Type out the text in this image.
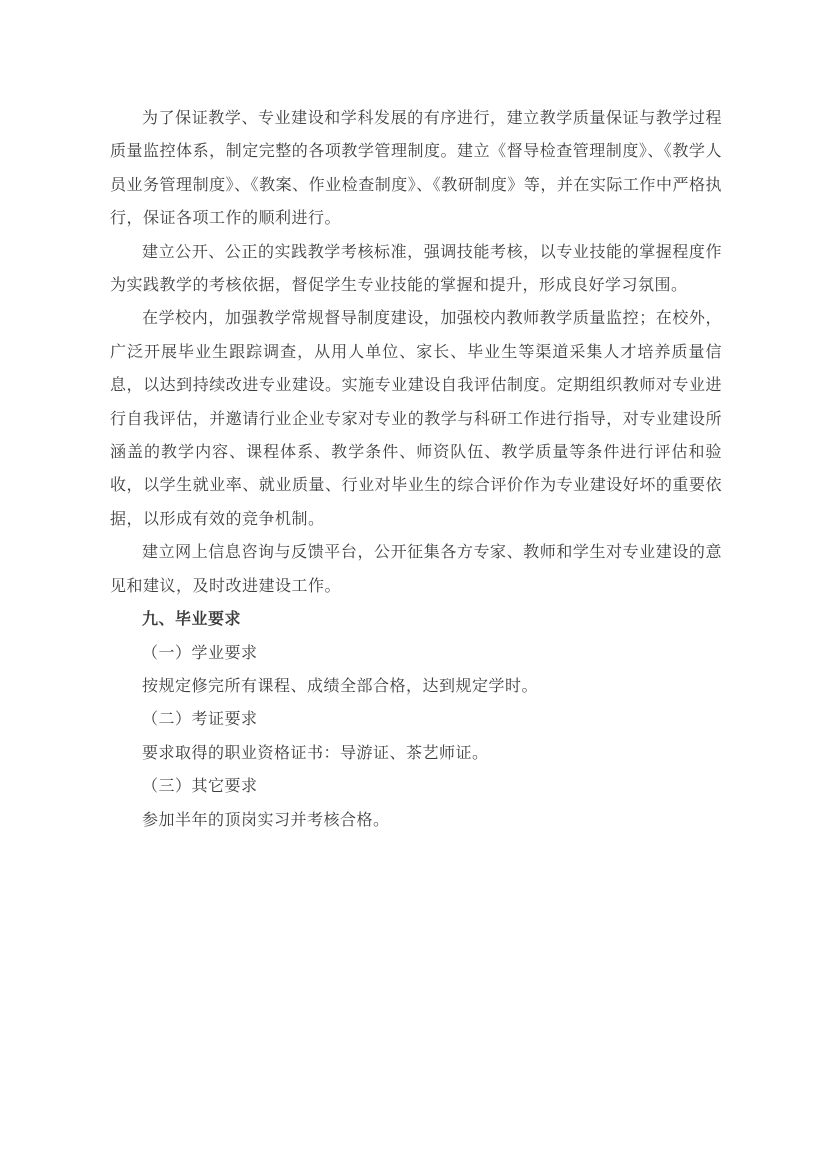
为了保证教学、专业建设和学科发展的有序进行，建立教学质量保证与教学过程质量监控体系，制定完整的各项教学管理制度。建立《督导检查管理制度》、《教学人员业务管理制度》、《教案、作业检查制度》、《教研制度》等，并在实际工作中严格执行，保证各项工作的顺利进行。

建立公开、公正的实践教学考核标准，强调技能考核，以专业技能的掌握程度作为实践教学的考核依据，督促学生专业技能的掌握和提升，形成良好学习氛围。

在学校内，加强教学常规督导制度建设，加强校内教师教学质量监控；在校外，广泛开展毕业生跟踪调查，从用人单位、家长、毕业生等渠道采集人才培养质量信息，以达到持续改进专业建设。实施专业建设自我评估制度。定期组织教师对专业进行自我评估，并邀请行业企业专家对专业的教学与科研工作进行指导，对专业建设所涵盖的教学内容、课程体系、教学条件、师资队伍、教学质量等条件进行评估和验收，以学生就业率、就业质量、行业对毕业生的综合评价作为专业建设好坏的重要依据，以形成有效的竞争机制。

建立网上信息咨询与反馈平台，公开征集各方专家、教师和学生对专业建设的意见和建议，及时改进建设工作。

九、毕业要求

（一）学业要求

按规定修完所有课程、成绩全部合格，达到规定学时。

（二）考证要求

要求取得的职业资格证书：导游证、茶艺师证。

（三）其它要求

参加半年的顶岗实习并考核合格。
